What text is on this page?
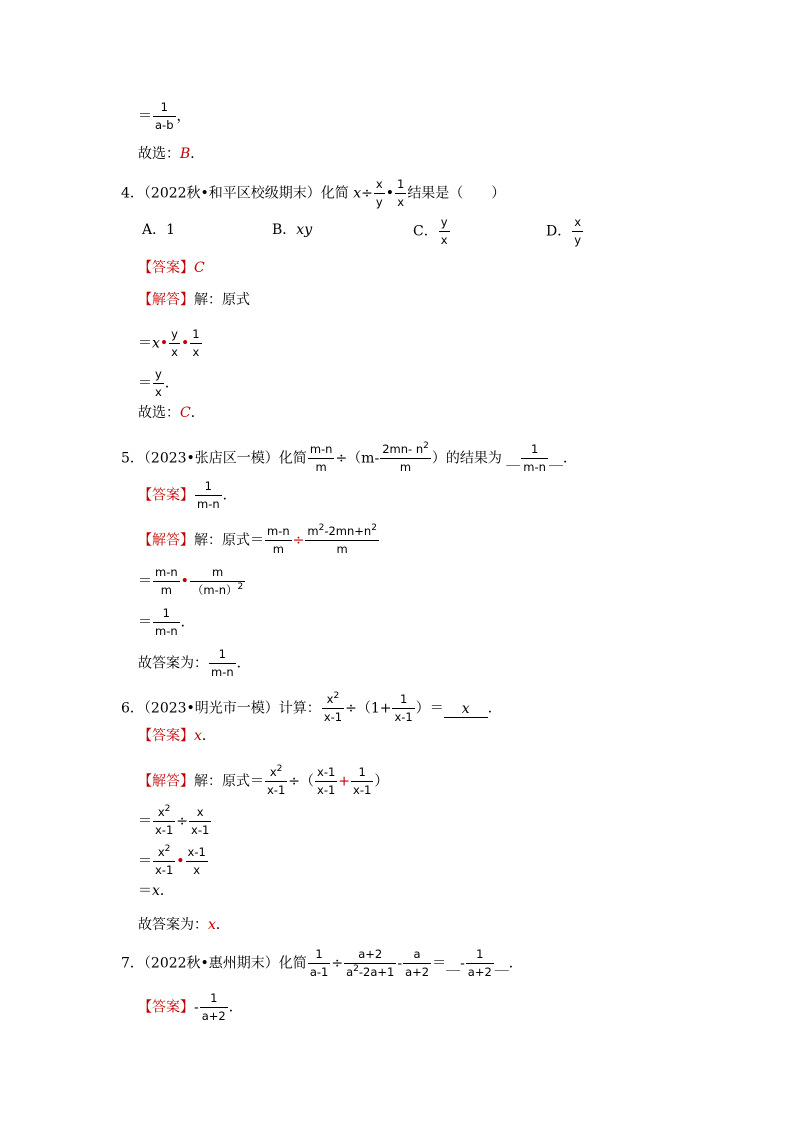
＝ $\frac{1}{a-b}$ ，
故选：B．
4．（2022秋•和平区校级期末）化简 $x\div \frac{x}{y}$ • $\frac{1}{x}$ 结果是（　　）
A．1	B．xy	C． $\frac{y}{x}$	D． $\frac{x}{y}$
【答案】C
【解答】解：原式
＝x• $\frac{y}{x}$ • $\frac{1}{x}$
＝ $\frac{y}{x}$ ．
故选：C．
5．（2023•张店区一模）化简 $\frac{m-n}{m} \div(m- \frac{2mn- n^2}{m}$ ）的结果为 __ $\frac{1}{m-n}$ __．
【答案】 $\frac{1}{m-n}$ ．
【解答】解：原式＝ $\frac{m-n}{m} \div \frac{m^2-2mn+n^2}{m}$
＝ $\frac{m-n}{m}$ • $\frac{m}{(m-n)^2}$
＝ $\frac{1}{m-n}$ ．
故答案为： $\frac{1}{m-n}$ ．
6．（2023•明光市一模）计算： $\frac{x^2}{x-1} \div(1+ \frac{1}{x-1}$ ）＝ x ．
【答案】x．
【解答】解：原式＝ $\frac{x^2}{x-1}$ ÷（ $\frac{x-1}{x-1} + \frac{1}{x-1}$ ）
＝ $\frac{x^2}{x-1} \div \frac{x}{x-1}$
＝ $\frac{x^2}{x-1}$ • $\frac{x-1}{x}$
＝x．
故答案为：x．
7．（2022秋•惠州期末）化简 $\frac{1}{a-1} \div \frac{a+2}{a^2-2a+1} - \frac{a}{a+2}$ ＝__- $\frac{1}{a+2}$ __．
【答案】- $\frac{1}{a+2}$ ．
